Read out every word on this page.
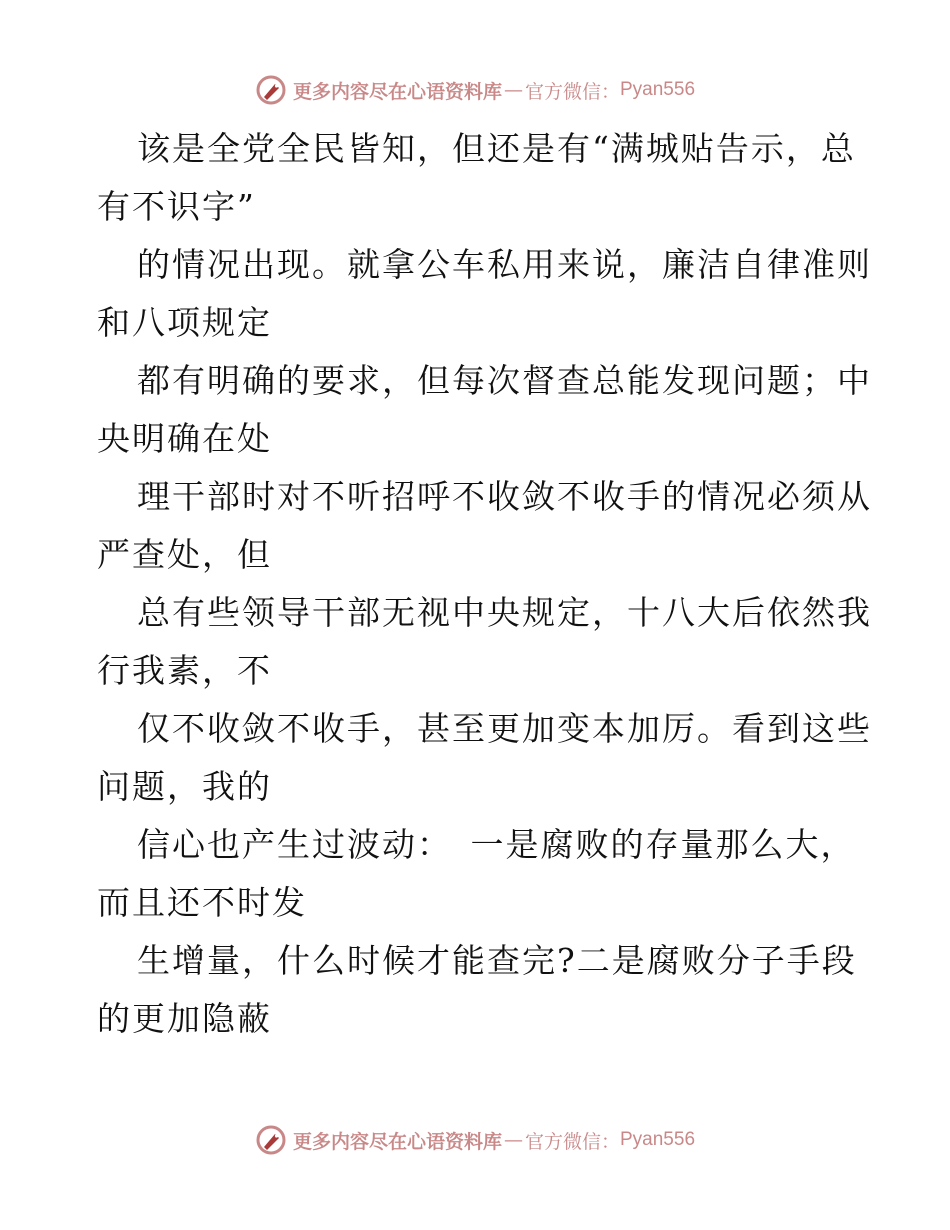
更多内容尽在心语资料库 — 官方微信： Pyan556

该是全党全民皆知，但还是有“满城贴告示，总
有不识字”

的情况出现。就拿公车私用来说，廉洁自律准则
和八项规定

都有明确的要求，但每次督查总能发现问题；中
央明确在处

理干部时对不听招呼不收敛不收手的情况必须从
严查处，但

总有些领导干部无视中央规定，十八大后依然我
行我素，不

仅不收敛不收手，甚至更加变本加厉。看到这些
问题，我的

信心也产生过波动：　一是腐败的存量那么大，
而且还不时发

生增量，什么时候才能查完?二是腐败分子手段
的更加隐蔽

更多内容尽在心语资料库 — 官方微信： Pyan556
